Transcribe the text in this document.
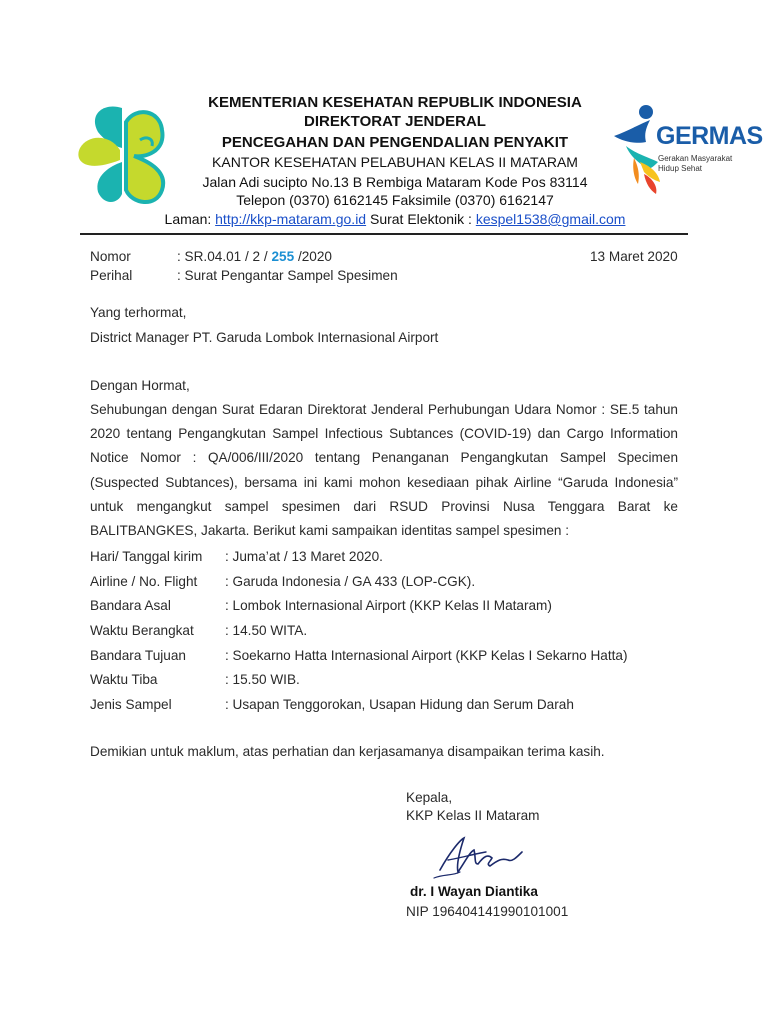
KEMENTERIAN KESEHATAN REPUBLIK INDONESIA
DIREKTORAT JENDERAL
PENCEGAHAN DAN PENGENDALIAN PENYAKIT
KANTOR KESEHATAN PELABUHAN KELAS II MATARAM
Jalan Adi sucipto No.13 B Rembiga Mataram Kode Pos 83114
Telepon (0370) 6162145 Faksimile (0370) 6162147
Laman: http://kkp-mataram.go.id Surat Elektonik : kespel1538@gmail.com
GERMAS
Gerakan Masyarakat
Hidup Sehat
Nomor	: SR.04.01 / 2 / 255 /2020	13 Maret 2020
Perihal	: Surat Pengantar Sampel Spesimen
Yang terhormat,
District Manager PT. Garuda Lombok Internasional Airport
Dengan Hormat,
Sehubungan dengan Surat Edaran Direktorat Jenderal Perhubungan Udara Nomor : SE.5 tahun 2020 tentang Pengangkutan Sampel Infectious Subtances (COVID-19) dan Cargo Information Notice Nomor : QA/006/III/2020 tentang Penanganan Pengangkutan Sampel Specimen (Suspected Subtances), bersama ini kami mohon kesediaan pihak Airline “Garuda Indonesia” untuk mengangkut sampel spesimen dari RSUD Provinsi Nusa Tenggara Barat ke BALITBANGKES, Jakarta. Berikut kami sampaikan identitas sampel spesimen :
Hari/ Tanggal kirim : Juma’at / 13 Maret 2020.
Airline / No. Flight : Garuda Indonesia / GA 433 (LOP-CGK).
Bandara Asal	: Lombok Internasional Airport (KKP Kelas II Mataram)
Waktu Berangkat : 14.50 WITA.
Bandara Tujuan	: Soekarno Hatta Internasional Airport (KKP Kelas I Sekarno Hatta)
Waktu Tiba	: 15.50 WIB.
Jenis Sampel	: Usapan Tenggorokan, Usapan Hidung dan Serum Darah
Demikian untuk maklum, atas perhatian dan kerjasamanya disampaikan terima kasih.
Kepala,
KKP Kelas II Mataram
dr. I Wayan Diantika
NIP 196404141990101001
